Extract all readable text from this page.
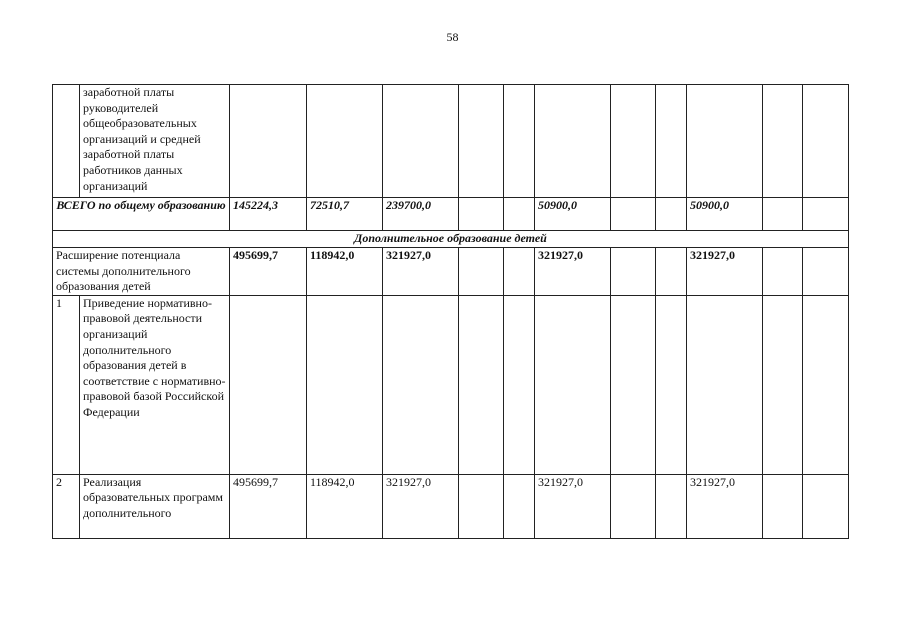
58
	заработной платы руководителей общеобразовательных организаций и средней заработной платы работников данных организаций											
ВСЕГО по общему образованию		145224,3	72510,7	239700,0			50900,0			50900,0		
Дополнительное образование детей												
Расширение потенциала системы дополнительного образования детей		495699,7	118942,0	321927,0			321927,0			321927,0		
1	Приведение нормативно-правовой деятельности организаций дополнительного образования детей в соответствие с нормативно-правовой базой Российской Федерации											
2	Реализация образовательных программ дополнительного	495699,7	118942,0	321927,0			321927,0			321927,0		
